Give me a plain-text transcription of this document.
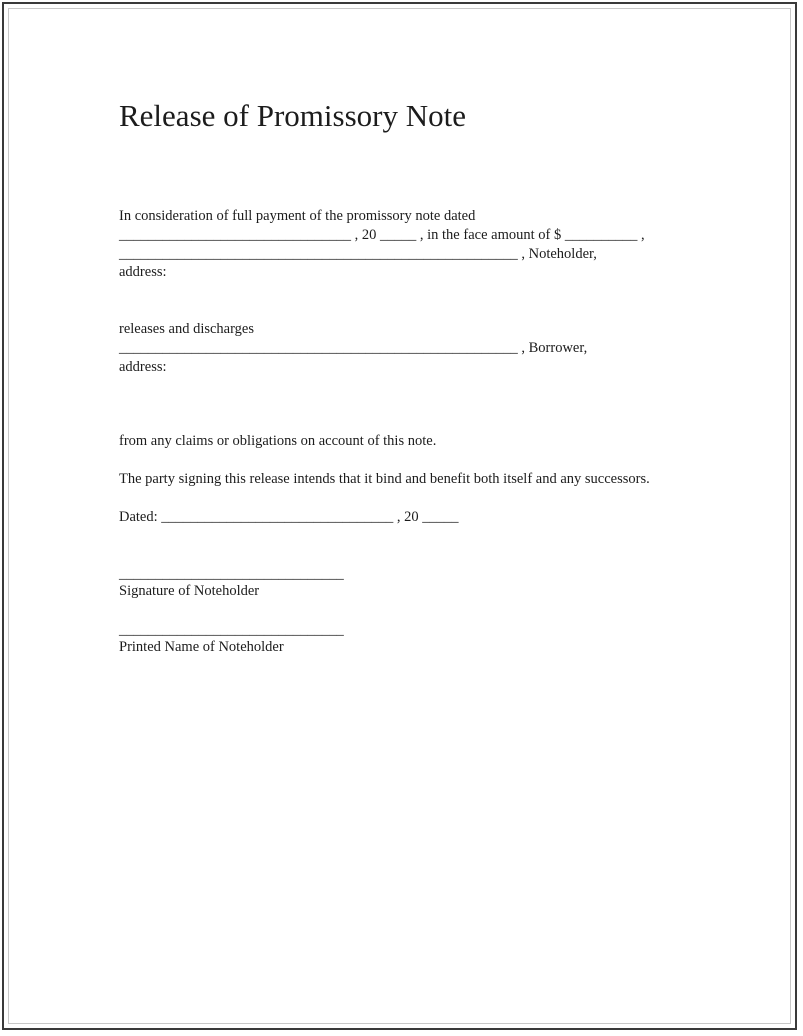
Release of Promissory Note
In consideration of full payment of the promissory note dated
________________________________ , 20 _____ , in the face amount of $ __________ ,
_______________________________________________________ , Noteholder,
address:
releases and discharges
_______________________________________________________ , Borrower,
address:
from any claims or obligations on account of this note.
The party signing this release intends that it bind and benefit both itself and any successors.
Dated: ________________________________ , 20 _____
_______________________________
Signature of Noteholder
_______________________________
Printed Name of Noteholder
